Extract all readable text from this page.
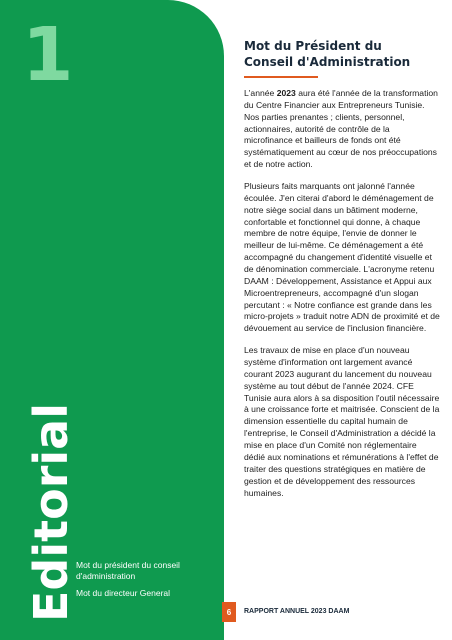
1
Editorial
Mot du président du conseil d'administration
Mot du directeur General
Mot du Président du Conseil d'Administration

L'année 2023 aura été l'année de la transformation du Centre Financier aux Entrepreneurs Tunisie. Nos parties prenantes ; clients, personnel, actionnaires, autorité de contrôle de la microfinance et bailleurs de fonds ont été systématiquement au cœur de nos préoccupations et de notre action.

Plusieurs faits marquants ont jalonné l'année écoulée. J'en citerai d'abord le déménagement de notre siège social dans un bâtiment moderne, confortable et fonctionnel qui donne, à chaque membre de notre équipe, l'envie de donner le meilleur de lui-même. Ce déménagement a été accompagné du changement d'identité visuelle et de dénomination commerciale. L'acronyme retenu DAAM : Développement, Assistance et Appui aux Microentrepreneurs, accompagné d'un slogan percutant : « Notre confiance est grande dans les micro-projets » traduit notre ADN de proximité et de dévouement au service de l'inclusion financière.

Les travaux de mise en place d'un nouveau système d'information ont largement avancé courant 2023 augurant du lancement du nouveau système au tout début de l'année 2024. CFE Tunisie aura alors à sa disposition l'outil nécessaire à une croissance forte et maitrisée. Conscient de la dimension essentielle du capital humain de l'entreprise, le Conseil d'Administration a décidé la mise en place d'un Comité non réglementaire dédié aux nominations et rémunérations à l'effet de traiter des questions stratégiques en matière de gestion et de développement des ressources humaines.

6	RAPPORT ANNUEL 2023 DAAM
